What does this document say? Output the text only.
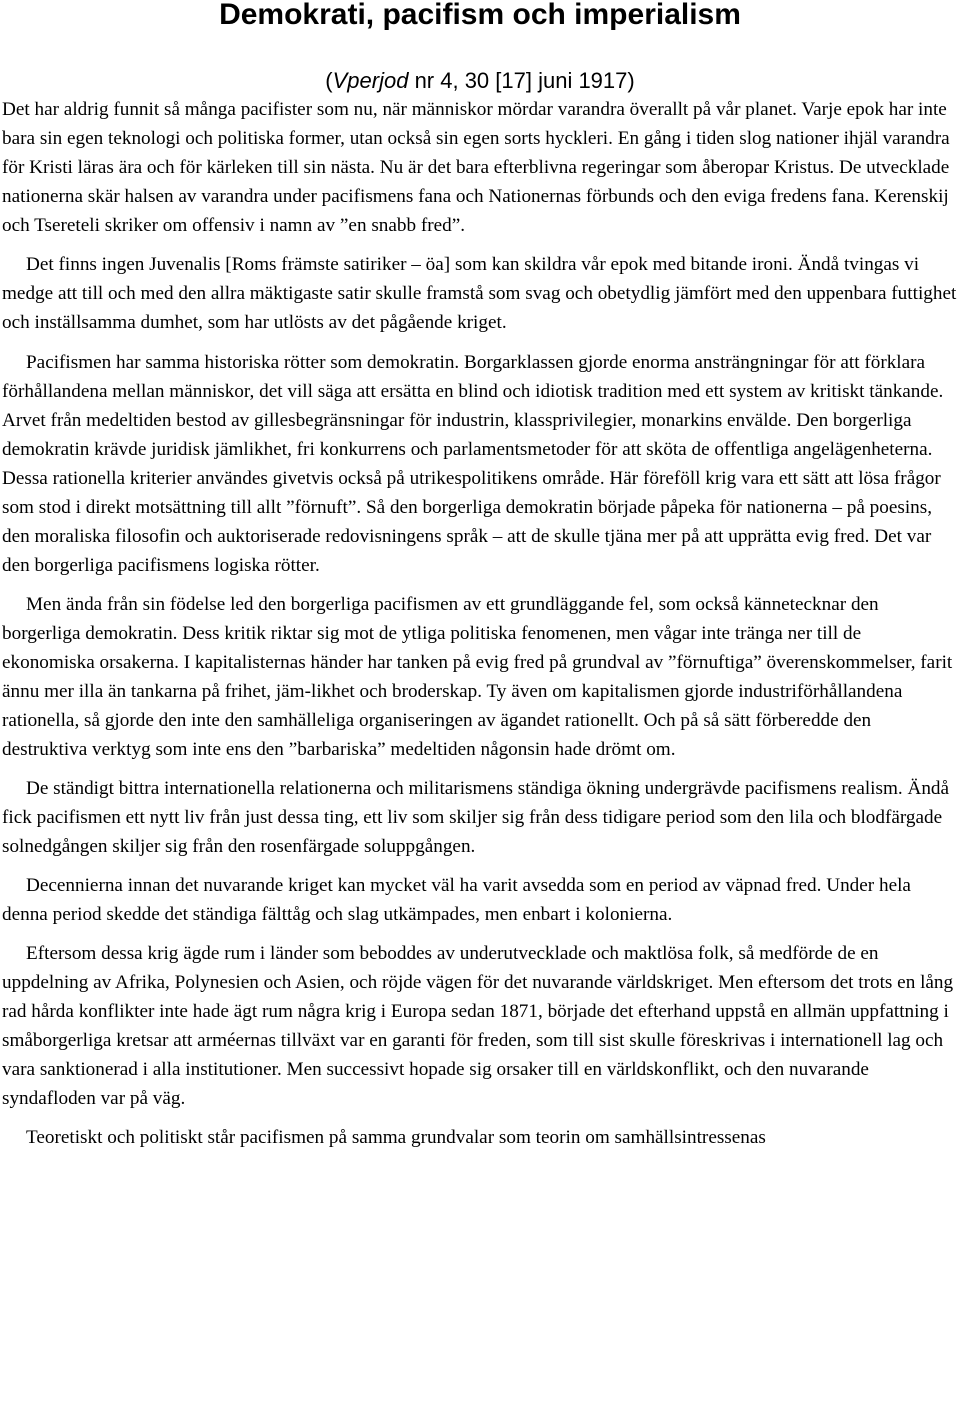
Demokrati, pacifism och imperialism
(Vperjod nr 4, 30 [17] juni 1917)

Det har aldrig funnit så många pacifister som nu, när människor mördar varandra överallt på vår planet. Varje epok har inte bara sin egen teknologi och politiska former, utan också sin egen sorts hyckleri. En gång i tiden slog nationer ihjäl varandra för Kristi läras ära och för kärleken till sin nästa. Nu är det bara efterblivna regeringar som åberopar Kristus. De utvecklade nationerna skär halsen av varandra under pacifismens fana och Nationernas förbunds och den eviga fredens fana. Kerenskij och Tsereteli skriker om offensiv i namn av ”en snabb fred”.

Det finns ingen Juvenalis [Roms främste satiriker – öa] som kan skildra vår epok med bitande ironi. Ändå tvingas vi medge att till och med den allra mäktigaste satir skulle framstå som svag och obetydlig jämfört med den uppenbara futtighet och inställsamma dumhet, som har utlösts av det pågående kriget.

Pacifismen har samma historiska rötter som demokratin. Borgarklassen gjorde enorma ansträngningar för att förklara förhållandena mellan människor, det vill säga att ersätta en blind och idiotisk tradition med ett system av kritiskt tänkande. Arvet från medeltiden bestod av gillesbegränsningar för industrin, klassprivilegier, monarkins envälde. Den borgerliga demokratin krävde juridisk jämlikhet, fri konkurrens och parlamentsmetoder för att sköta de offentliga angelägenheterna. Dessa rationella kriterier användes givetvis också på utrikespolitikens område. Här föreföll krig vara ett sätt att lösa frågor som stod i direkt motsättning till allt ”förnuft”. Så den borgerliga demokratin började påpeka för nationerna – på poesins, den moraliska filosofin och auktoriserade redovisningens språk – att de skulle tjäna mer på att upprätta evig fred. Det var den borgerliga pacifismens logiska rötter.

Men ända från sin födelse led den borgerliga pacifismen av ett grundläggande fel, som också kännetecknar den borgerliga demokratin. Dess kritik riktar sig mot de ytliga politiska fenomenen, men vågar inte tränga ner till de ekonomiska orsakerna. I kapitalisternas händer har tanken på evig fred på grundval av ”förnuftiga” överenskommelser, farit ännu mer illa än tankarna på frihet, jäm-likhet och broderskap. Ty även om kapitalismen gjorde industriförhållandena rationella, så gjorde den inte den samhälleliga organiseringen av ägandet rationellt. Och på så sätt förberedde den destruktiva verktyg som inte ens den ”barbariska” medeltiden någonsin hade drömt om.

De ständigt bittra internationella relationerna och militarismens ständiga ökning undergrävde pacifismens realism. Ändå fick pacifismen ett nytt liv från just dessa ting, ett liv som skiljer sig från dess tidigare period som den lila och blodfärgade solnedgången skiljer sig från den rosenfärgade soluppgången.

Decennierna innan det nuvarande kriget kan mycket väl ha varit avsedda som en period av väpnad fred. Under hela denna period skedde det ständiga fälttåg och slag utkämpades, men enbart i kolonierna.

Eftersom dessa krig ägde rum i länder som beboddes av underutvecklade och maktlösa folk, så medförde de en uppdelning av Afrika, Polynesien och Asien, och röjde vägen för det nuvarande världskriget. Men eftersom det trots en lång rad hårda konflikter inte hade ägt rum några krig i Europa sedan 1871, började det efterhand uppstå en allmän uppfattning i småborgerliga kretsar att arméernas tillväxt var en garanti för freden, som till sist skulle föreskrivas i internationell lag och vara sanktionerad i alla institutioner. Men successivt hopade sig orsaker till en världskonflikt, och den nuvarande syndafloden var på väg.

Teoretiskt och politiskt står pacifismen på samma grundvalar som teorin om samhällsintressenas
